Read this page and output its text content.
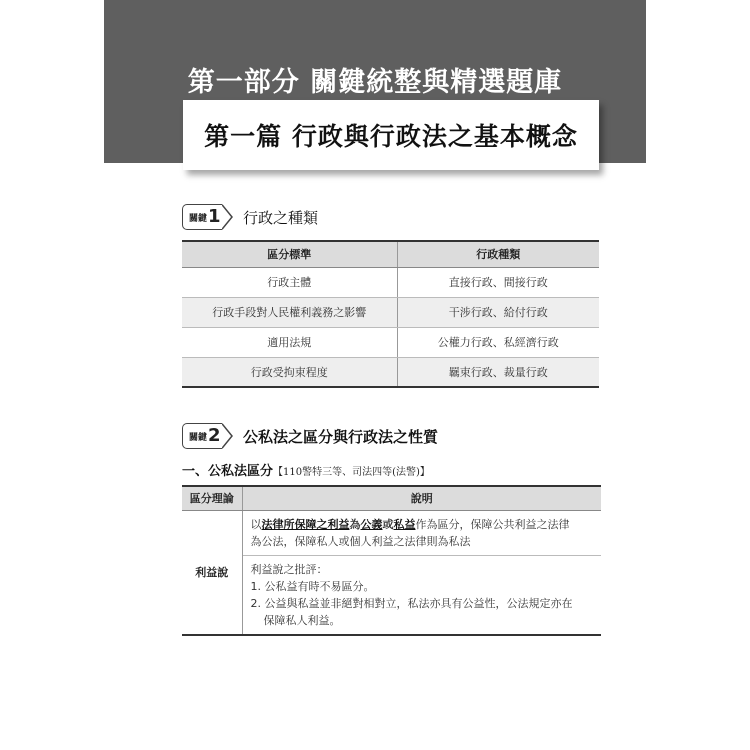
第一部分 關鍵統整與精選題庫
第一篇 行政與行政法之基本概念
關鍵 1 行政之種類
區分標準	行政種類
行政主體	直接行政、間接行政
行政手段對人民權利義務之影響	干涉行政、給付行政
適用法規	公權力行政、私經濟行政
行政受拘束程度	羈束行政、裁量行政
關鍵 2 公私法之區分與行政法之性質
一、公私法區分【110警特三等、司法四等(法警)】
區分理論	說明
利益說	以法律所保障之利益為公義或私益作為區分，保障公共利益之法律
為公法，保障私人或個人利益之法律則為私法

	利益說之批評：
1. 公私益有時不易區分。
2. 公益與私益並非絕對相對立，私法亦具有公益性，公法規定亦在
保障私人利益。
